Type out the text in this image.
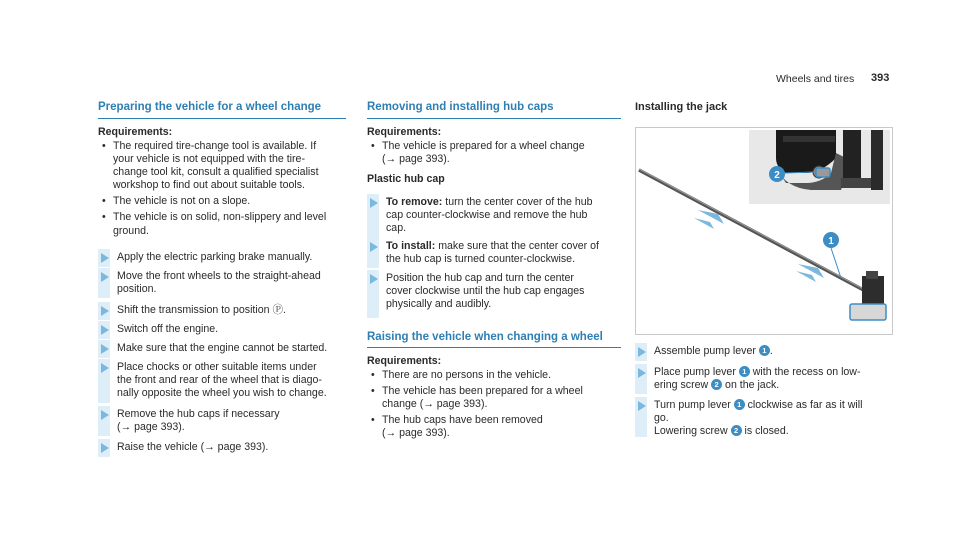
Wheels and tires 393
Preparing the vehicle for a wheel change
Requirements:
• The required tire-change tool is available. If
your vehicle is not equipped with the tire-
change tool kit, consult a qualified specialist
workshop to find out about suitable tools.
• The vehicle is not on a slope.
• The vehicle is on solid, non-slippery and level
ground.
Apply the electric parking brake manually.
Move the front wheels to the straight-ahead
position.
Shift the transmission to position Ⓟ.
Switch off the engine.
Make sure that the engine cannot be started.
Place chocks or other suitable items under
the front and rear of the wheel that is diago-
nally opposite the wheel you wish to change.
Remove the hub caps if necessary
(→ page 393).
Raise the vehicle (→ page 393).
Removing and installing hub caps
Requirements:
• The vehicle is prepared for a wheel change
(→ page 393).
Plastic hub cap
To remove: turn the center cover of the hub
cap counter-clockwise and remove the hub
cap.
To install: make sure that the center cover of
the hub cap is turned counter-clockwise.
Position the hub cap and turn the center
cover clockwise until the hub cap engages
physically and audibly.
Raising the vehicle when changing a wheel
Requirements:
• There are no persons in the vehicle.
• The vehicle has been prepared for a wheel
change (→ page 393).
• The hub caps have been removed
(→ page 393).
Installing the jack
2
1
Assemble pump lever 1 .
Place pump lever 1 with the recess on low-
ering screw 2 on the jack.
Turn pump lever 1 clockwise as far as it will
go.
Lowering screw 2 is closed.
